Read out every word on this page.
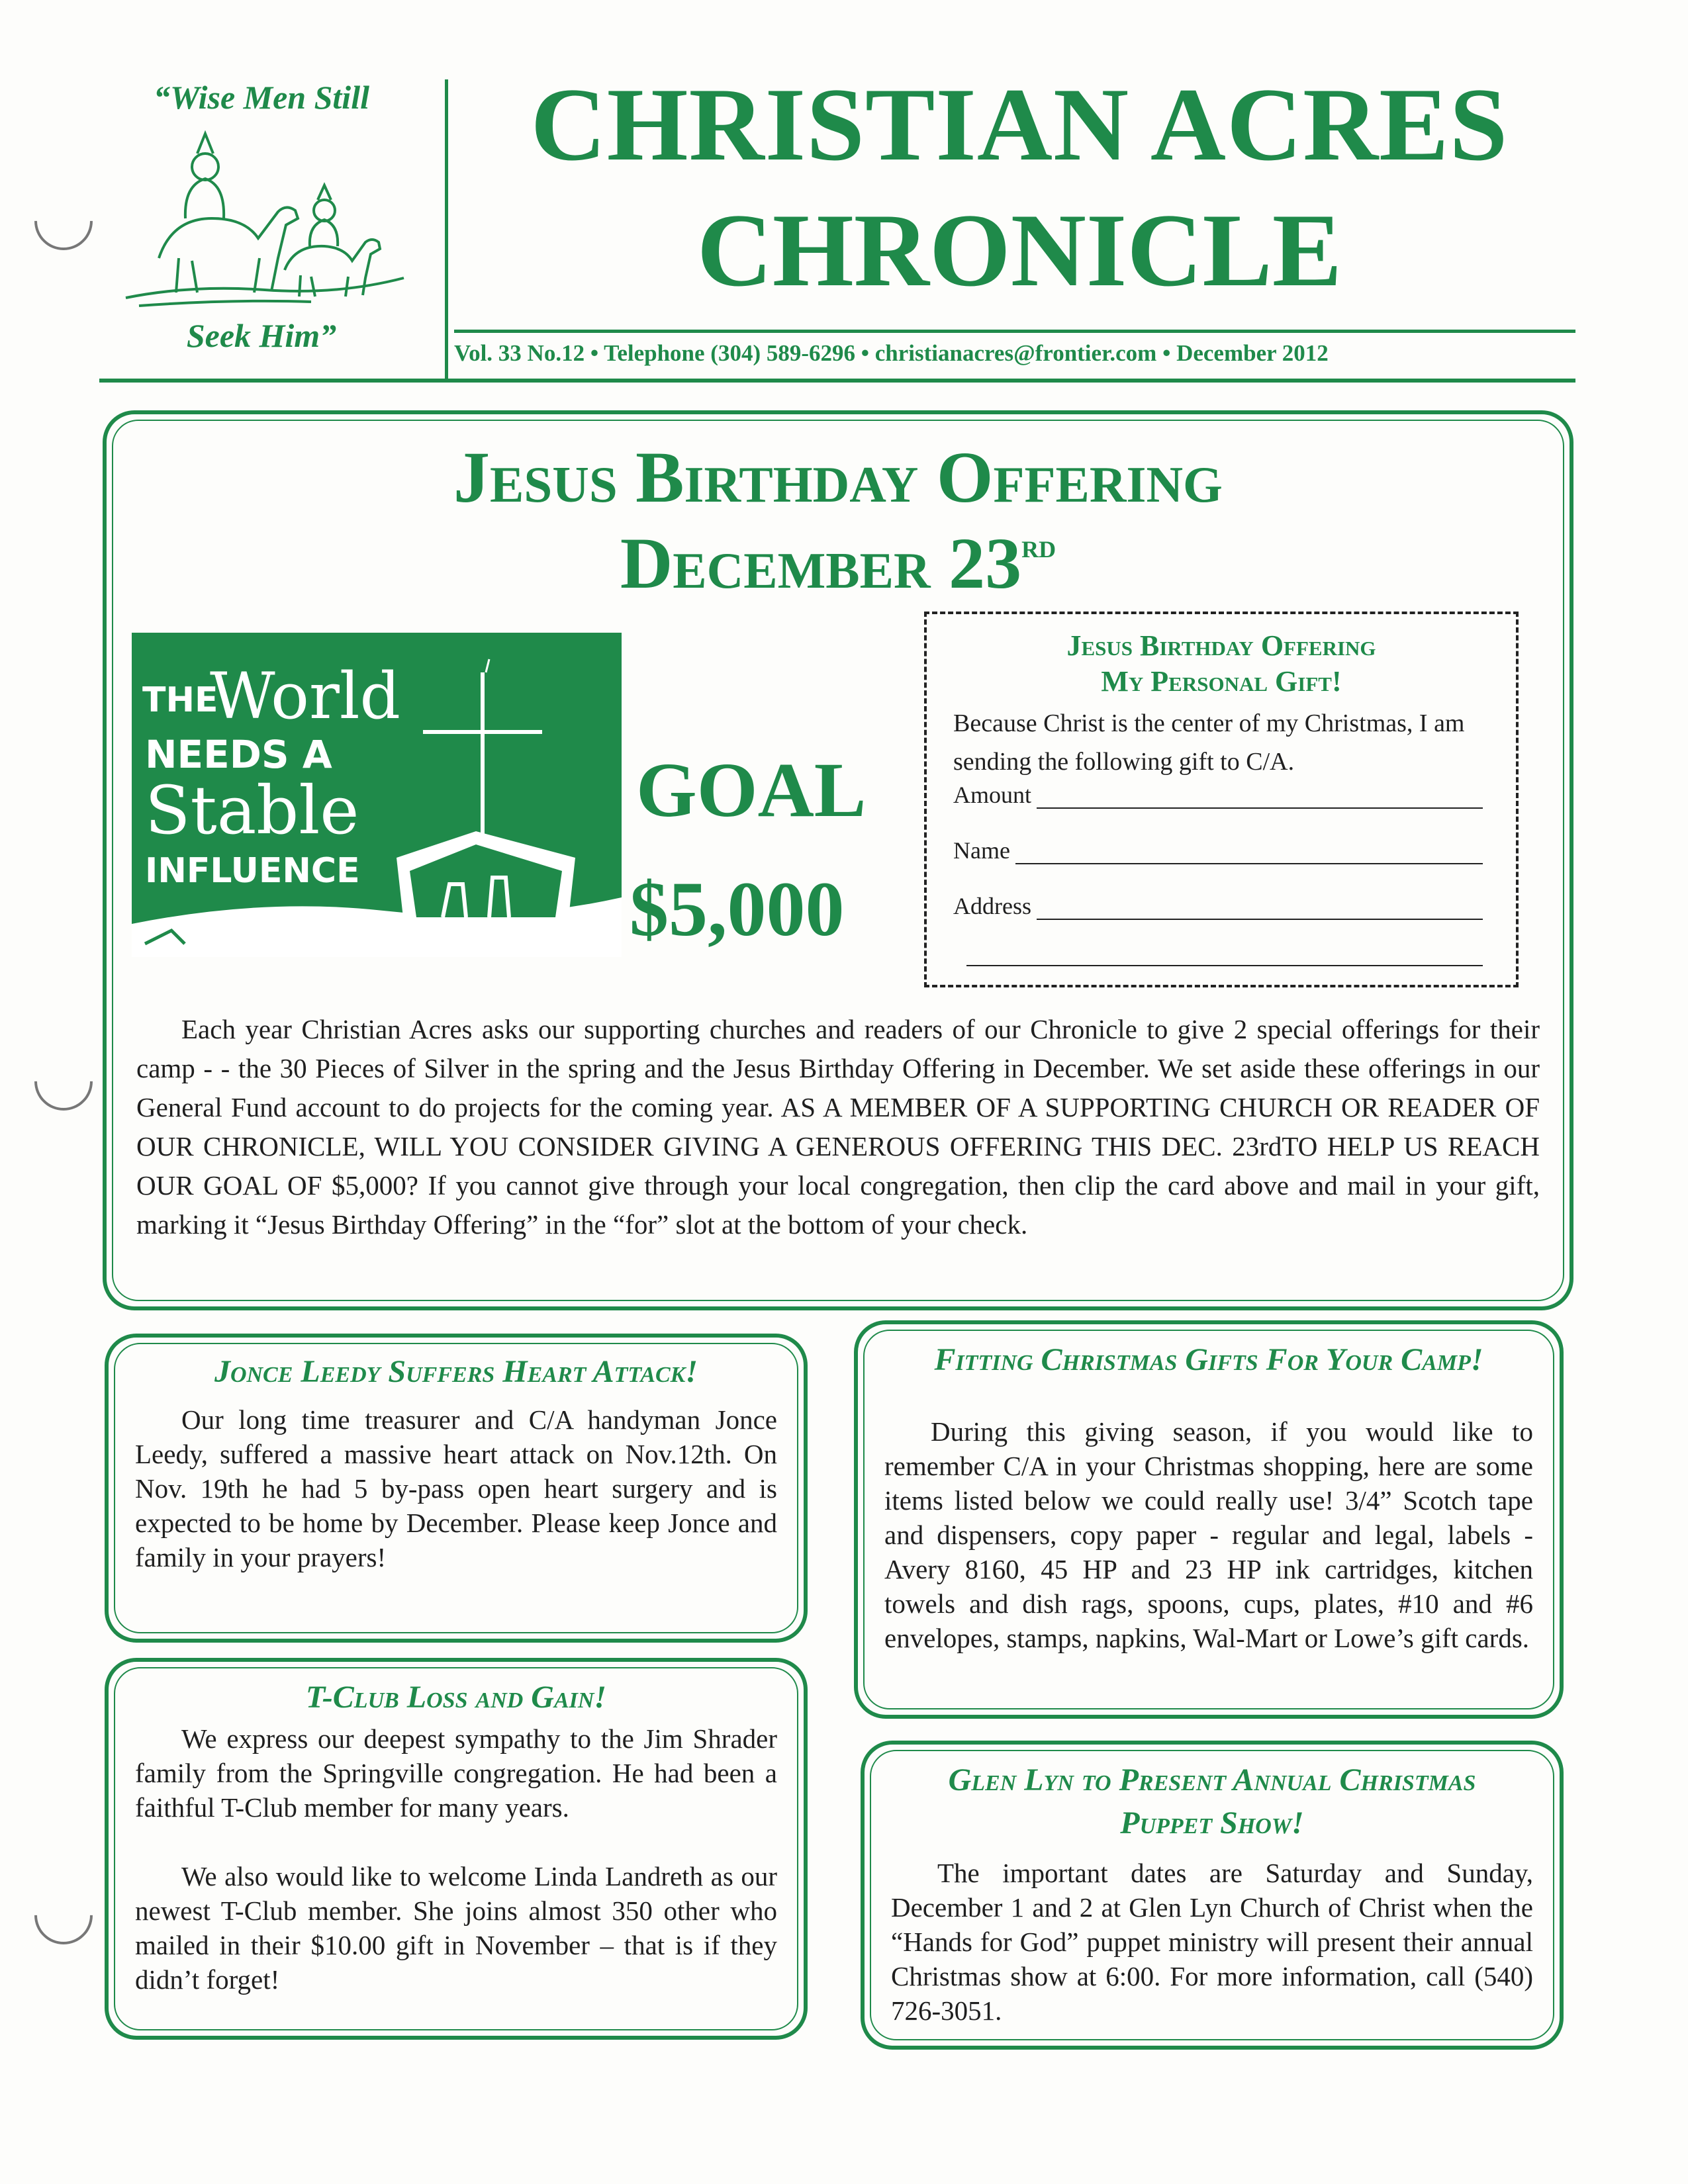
“Wise Men Still
Seek Him”
CHRISTIAN ACRES
CHRONICLE
Vol. 33 No.12 • Telephone (304) 589-6296 • christianacres@frontier.com • December 2012
Jesus Birthday Offering
December 23rd
THE
World
NEEDS A
Stable
INFLUENCE
GOAL
$5,000
Jesus Birthday Offering
My Personal Gift!
Because Christ is the center of my Christmas, I am sending the following gift to C/A.
Amount
Name
Address
Each year Christian Acres asks our supporting churches and readers of our Chronicle to give 2 special offerings for their camp - - the 30 Pieces of Silver in the spring and the Jesus Birthday Offering in December. We set aside these offerings in our General Fund account to do projects for the coming year. AS A MEMBER OF A SUPPORTING CHURCH OR READER OF OUR CHRONICLE, WILL YOU CONSIDER GIVING A GENEROUS OFFERING THIS DEC. 23rdTO HELP US REACH OUR GOAL OF $5,000? If you cannot give through your local congregation, then clip the card above and mail in your gift, marking it “Jesus Birthday Offering” in the “for” slot at the bottom of your check.
Jonce Leedy Suffers Heart Attack!
Our long time treasurer and C/A handyman Jonce Leedy, suffered a massive heart attack on Nov.12th. On Nov. 19th he had 5 by-pass open heart surgery and is expected to be home by December. Please keep Jonce and family in your prayers!
T-Club Loss and Gain!
We express our deepest sympathy to the Jim Shrader family from the Springville congregation. He had been a faithful T-Club member for many years.
We also would like to welcome Linda Landreth as our newest T-Club member. She joins almost 350 other who mailed in their $10.00 gift in November – that is if they didn’t forget!
Fitting Christmas Gifts For Your Camp!
During this giving season, if you would like to remember C/A in your Christmas shopping, here are some items listed below we could really use! 3/4” Scotch tape and dispensers, copy paper - regular and legal, labels - Avery 8160, 45 HP and 23 HP ink cartridges, kitchen towels and dish rags, spoons, cups, plates, #10 and #6 envelopes, stamps, napkins, Wal-Mart or Lowe’s gift cards.
Glen Lyn to Present Annual Christmas Puppet Show!
The important dates are Saturday and Sunday, December 1 and 2 at Glen Lyn Church of Christ when the “Hands for God” puppet ministry will present their annual Christmas show at 6:00. For more information, call (540) 726-3051.
